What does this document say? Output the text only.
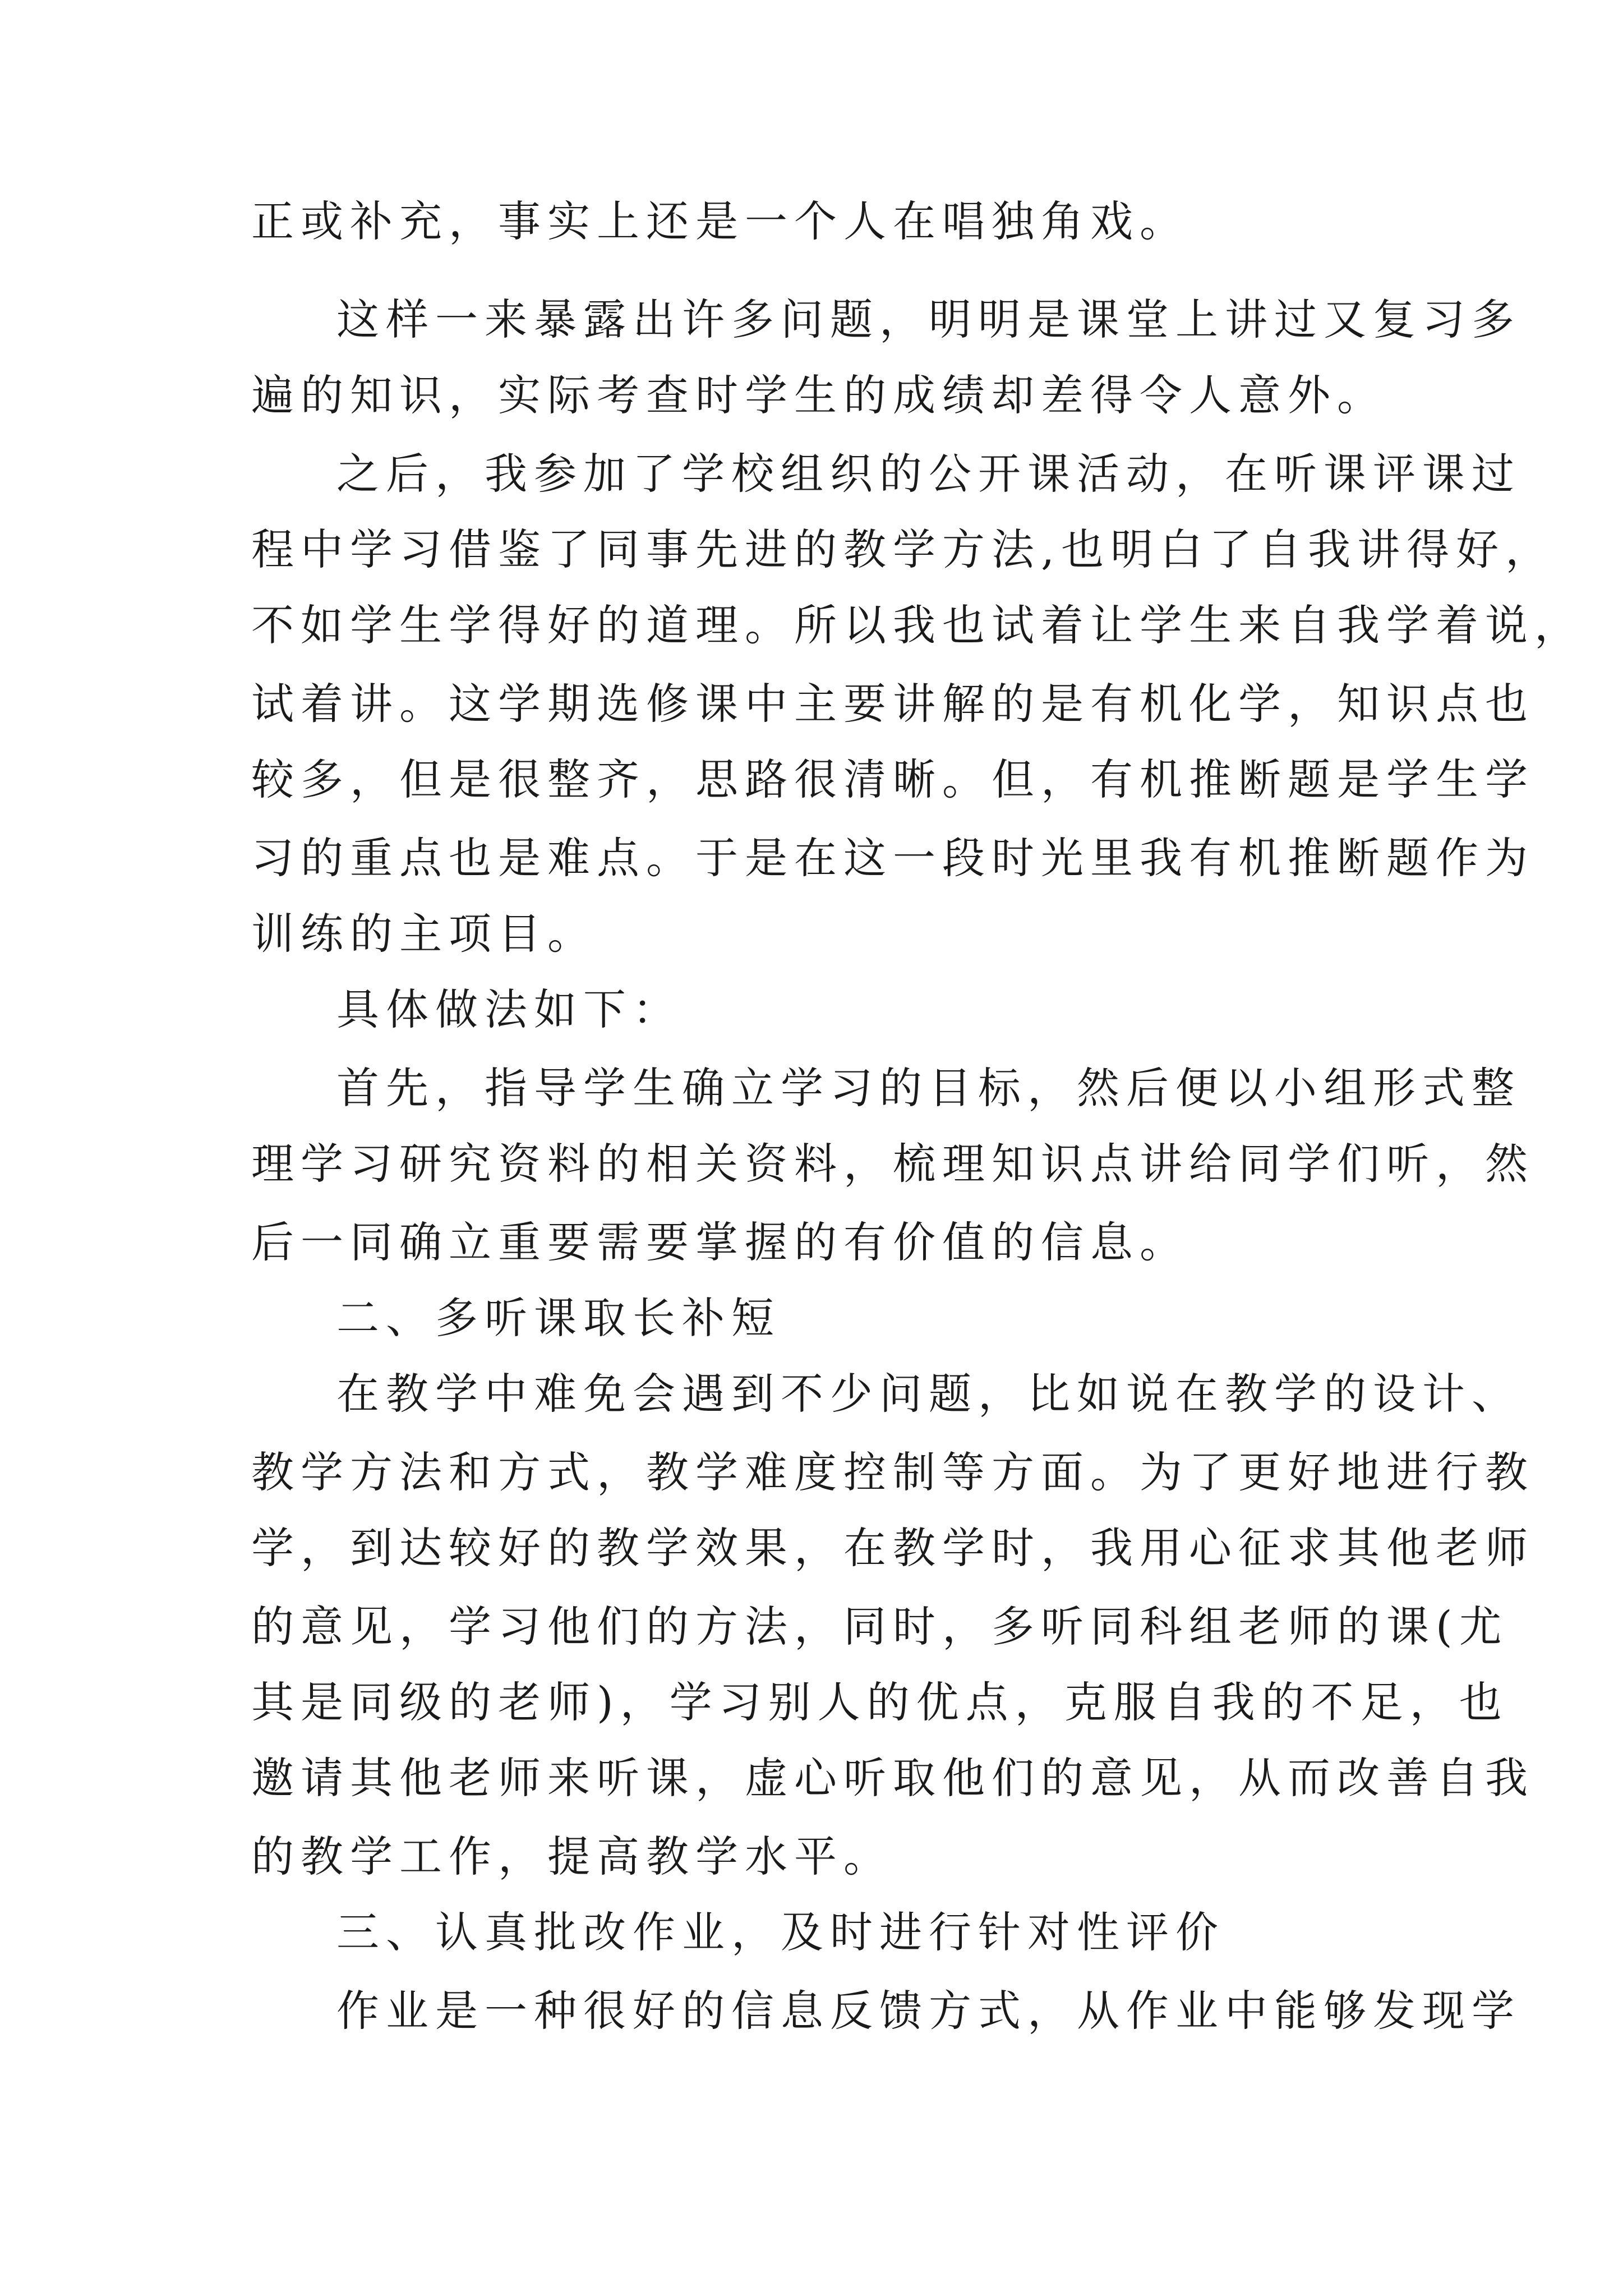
正或补充，事实上还是一个人在唱独角戏。
这样一来暴露出许多问题，明明是课堂上讲过又复习多
遍的知识，实际考查时学生的成绩却差得令人意外。
之后，我参加了学校组织的公开课活动，在听课评课过
程中学习借鉴了同事先进的教学方法,也明白了自我讲得好，
不如学生学得好的道理。所以我也试着让学生来自我学着说，
试着讲。这学期选修课中主要讲解的是有机化学，知识点也
较多，但是很整齐，思路很清晰。但，有机推断题是学生学
习的重点也是难点。于是在这一段时光里我有机推断题作为
训练的主项目。
具体做法如下：
首先，指导学生确立学习的目标，然后便以小组形式整
理学习研究资料的相关资料，梳理知识点讲给同学们听，然
后一同确立重要需要掌握的有价值的信息。
二、多听课取长补短
在教学中难免会遇到不少问题，比如说在教学的设计、
教学方法和方式，教学难度控制等方面。为了更好地进行教
学，到达较好的教学效果，在教学时，我用心征求其他老师
的意见，学习他们的方法，同时，多听同科组老师的课(尤
其是同级的老师)，学习别人的优点，克服自我的不足，也
邀请其他老师来听课，虚心听取他们的意见，从而改善自我
的教学工作，提高教学水平。
三、认真批改作业，及时进行针对性评价
作业是一种很好的信息反馈方式，从作业中能够发现学
